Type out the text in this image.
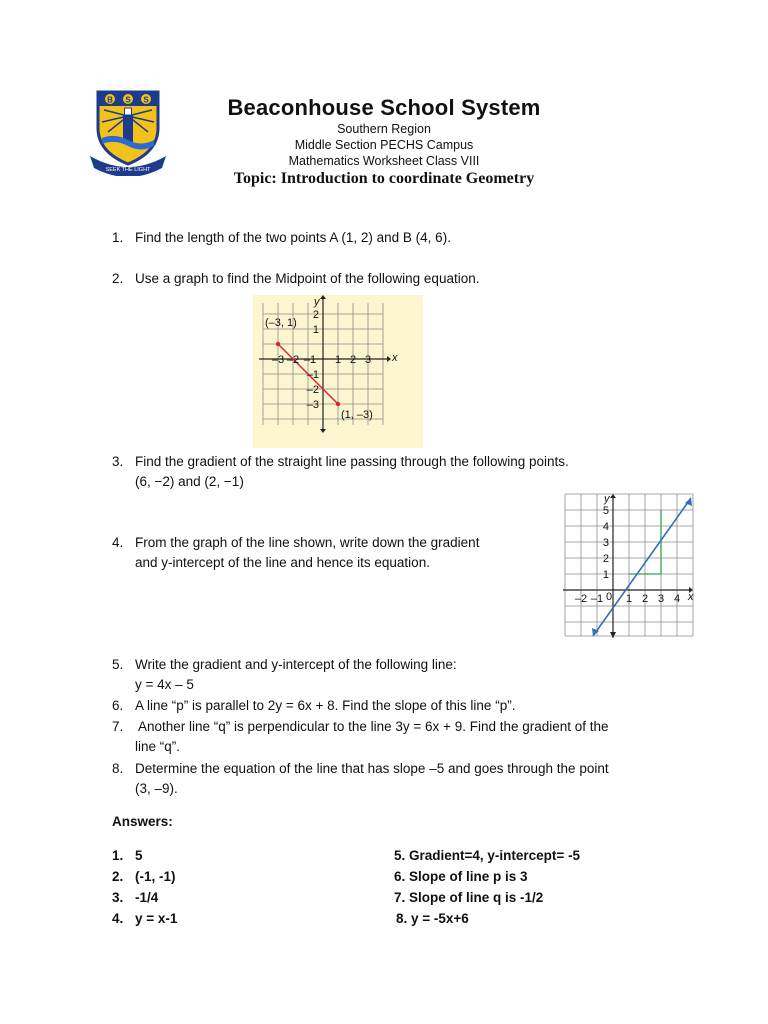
B S S
SEEK THE LIGHT
Beaconhouse School System
Southern Region
Middle Section PECHS Campus
Mathematics Worksheet Class VIII
Topic: Introduction to coordinate Geometry
1. Find the length of the two points A (1, 2) and B (4, 6).
2. Use a graph to find the Midpoint of the following equation.
x
y
–3 –2 –1 1 2 3
2
1
–1
–2
–3
(–3, 1)
(1, –3)
3. Find the gradient of the straight line passing through the following points.
(6, −2) and (2, −1)
4. From the graph of the line shown, write down the gradient
and y-intercept of the line and hence its equation.
x
y
–2 –1 0 1 2 3 4
5
4
3
2
1
5. Write the gradient and y-intercept of the following line:
y = 4x – 5
6. A line “p” is parallel to 2y = 6x + 8. Find the slope of this line “p”.
7. Another line “q” is perpendicular to the line 3y = 6x + 9. Find the gradient of the
line “q”.
8. Determine the equation of the line that has slope –5 and goes through the point
(3, –9).
Answers:
1. 5
2. (-1, -1)
3. -1/4
4. y = x-1
5. Gradient=4, y-intercept= -5
6. Slope of line p is 3
7. Slope of line q is -1/2
8. y = -5x+6
